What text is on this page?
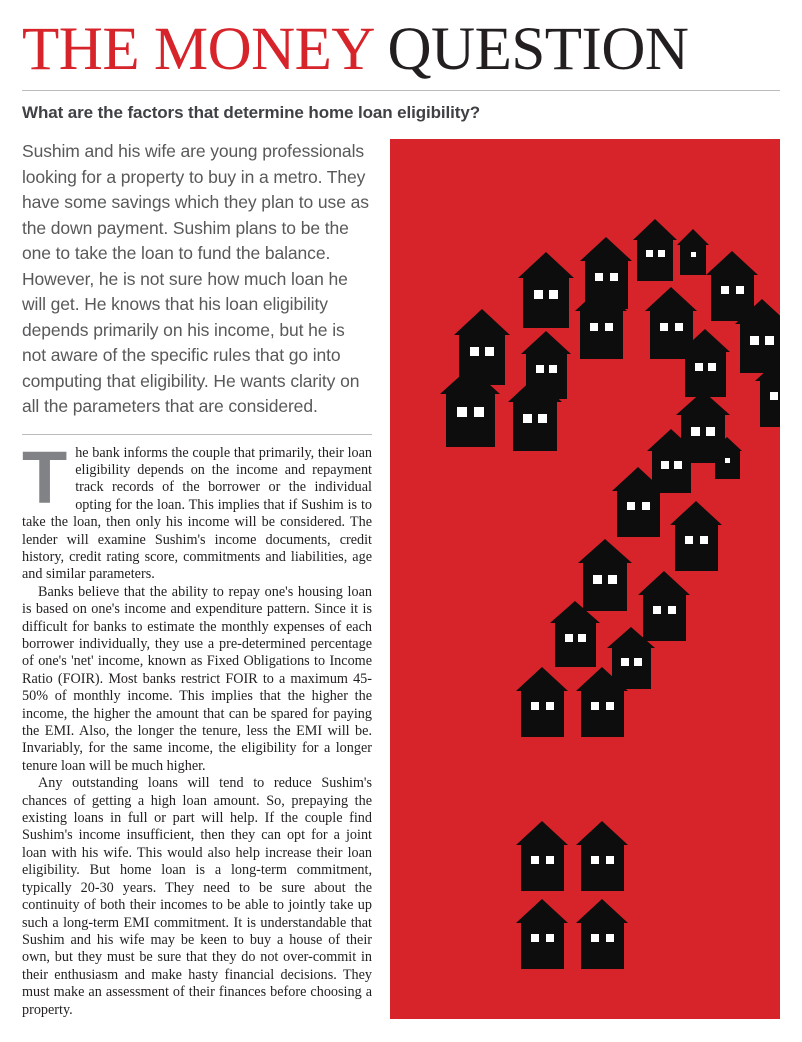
THE MONEY QUESTION
What are the factors that determine home loan eligibility?
Sushim and his wife are young professionals looking for a property to buy in a metro. They have some savings which they plan to use as the down payment. Sushim plans to be the one to take the loan to fund the balance. However, he is not sure how much loan he will get. He knows that his loan eligibility depends primarily on his income, but he is not aware of the specific rules that go into computing that eligibility. He wants clarity on all the parameters that are considered.

The bank informs the couple that primarily, their loan eligibility depends on the income and repayment track records of the borrower or the individual opting for the loan. This implies that if Sushim is to take the loan, then only his income will be considered. The lender will examine Sushim's income documents, credit history, credit rating score, commitments and liabilities, age and similar parameters.

Banks believe that the ability to repay one's housing loan is based on one's income and expenditure pattern. Since it is difficult for banks to estimate the monthly expenses of each borrower individually, they use a pre-determined percentage of one's 'net' income, known as Fixed Obligations to Income Ratio (FOIR). Most banks restrict FOIR to a maximum 45-50% of monthly income. This implies that the higher the income, the higher the amount that can be spared for paying the EMI. Also, the longer the tenure, less the EMI will be. Invariably, for the same income, the eligibility for a longer tenure loan will be much higher.

Any outstanding loans will tend to reduce Sushim's chances of getting a high loan amount. So, prepaying the existing loans in full or part will help. If the couple find Sushim's income insufficient, then they can opt for a joint loan with his wife. This would also help increase their loan eligibility. But home loan is a long-term commitment, typically 20-30 years. They need to be sure about the continuity of both their incomes to be able to jointly take up such a long-term EMI commitment. It is understandable that Sushim and his wife may be keen to buy a house of their own, but they must be sure that they do not over-commit in their enthusiasm and make hasty financial decisions. They must make an assessment of their finances before choosing a property.
